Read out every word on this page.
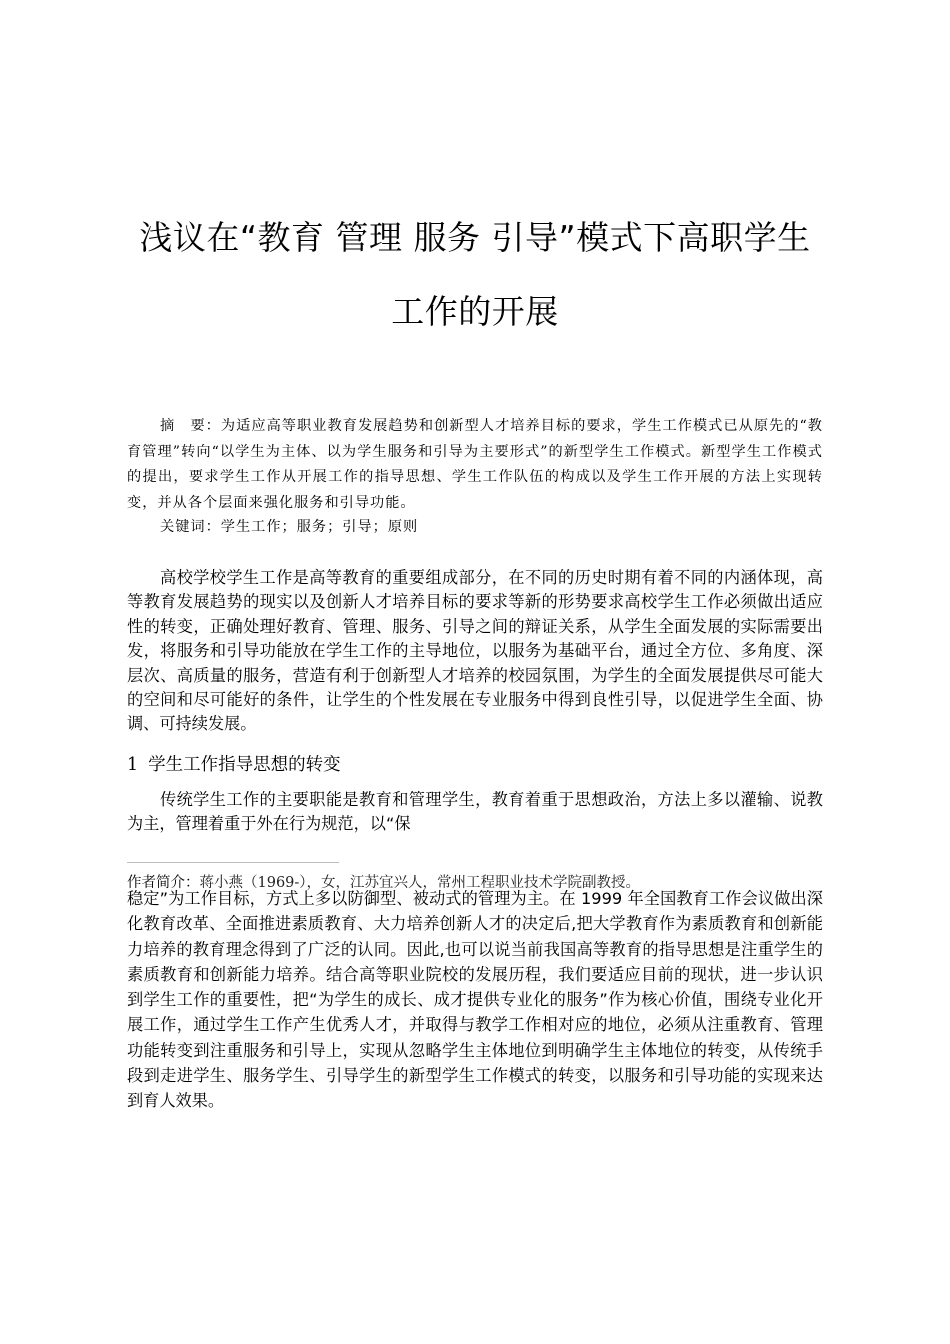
浅议在“教育 管理 服务 引导”模式下高职学生
工作的开展
摘　要：为适应高等职业教育发展趋势和创新型人才培养目标的要求，学生工作模式已从原先的“教育管理”转向“以学生为主体、以为学生服务和引导为主要形式”的新型学生工作模式。新型学生工作模式的提出，要求学生工作从开展工作的指导思想、学生工作队伍的构成以及学生工作开展的方法上实现转变，并从各个层面来强化服务和引导功能。
关键词：学生工作；服务；引导；原则
高校学校学生工作是高等教育的重要组成部分，在不同的历史时期有着不同的内涵体现，高等教育发展趋势的现实以及创新人才培养目标的要求等新的形势要求高校学生工作必须做出适应性的转变，正确处理好教育、管理、服务、引导之间的辩证关系，从学生全面发展的实际需要出发，将服务和引导功能放在学生工作的主导地位，以服务为基础平台，通过全方位、多角度、深层次、高质量的服务，营造有利于创新型人才培养的校园氛围，为学生的全面发展提供尽可能大的空间和尽可能好的条件，让学生的个性发展在专业服务中得到良性引导，以促进学生全面、协调、可持续发展。
1 学生工作指导思想的转变
传统学生工作的主要职能是教育和管理学生，教育着重于思想政治，方法上多以灌输、说教为主，管理着重于外在行为规范，以“保
作者简介：蒋小燕（1969-），女，江苏宜兴人，常州工程职业技术学院副教授。
稳定”为工作目标，方式上多以防御型、被动式的管理为主。在 1999 年全国教育工作会议做出深化教育改革、全面推进素质教育、大力培养创新人才的决定后,把大学教育作为素质教育和创新能力培养的教育理念得到了广泛的认同。因此,也可以说当前我国高等教育的指导思想是注重学生的素质教育和创新能力培养。结合高等职业院校的发展历程，我们要适应目前的现状，进一步认识到学生工作的重要性，把“为学生的成长、成才提供专业化的服务”作为核心价值，围绕专业化开展工作，通过学生工作产生优秀人才，并取得与教学工作相对应的地位，必须从注重教育、管理功能转变到注重服务和引导上，实现从忽略学生主体地位到明确学生主体地位的转变，从传统手段到走进学生、服务学生、引导学生的新型学生工作模式的转变，以服务和引导功能的实现来达到育人效果。
